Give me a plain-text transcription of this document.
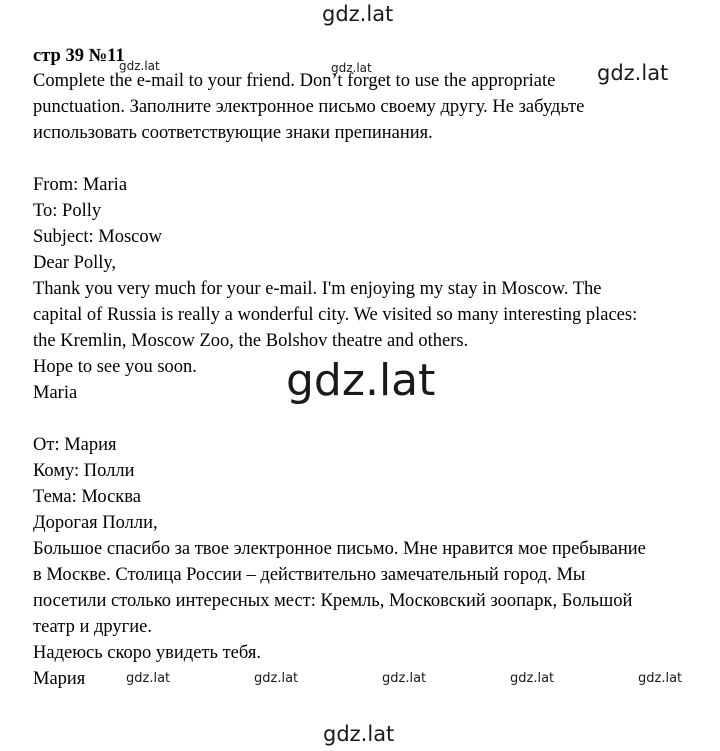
gdz.lat
стр 39 №11
Complete the e-mail to your friend. Don’t forget to use the appropriate
punctuation. Заполните электронное письмо своему другу. Не забудьте
использовать соответствующие знаки препинания.
gdz.lat	gdz.lat	gdz.lat
From: Maria
To: Polly
Subject: Moscow
Dear Polly,
Thank you very much for your e-mail. I'm enjoying my stay in Moscow. The
capital of Russia is really a wonderful city. We visited so many interesting places:
the Kremlin, Moscow Zoo, the Bolshov theatre and others.
Hope to see you soon.
Maria	gdz.lat
От: Мария
Кому: Полли
Тема: Москва
Дорогая Полли,
Большое спасибо за твое электронное письмо. Мне нравится мое пребывание
в Москве. Столица России – действительно замечательный город. Мы
посетили столько интересных мест: Кремль, Московский зоопарк, Большой
театр и другие.
Надеюсь скоро увидеть тебя.
Мария	gdz.lat	gdz.lat	gdz.lat	gdz.lat	gdz.lat
gdz.lat
